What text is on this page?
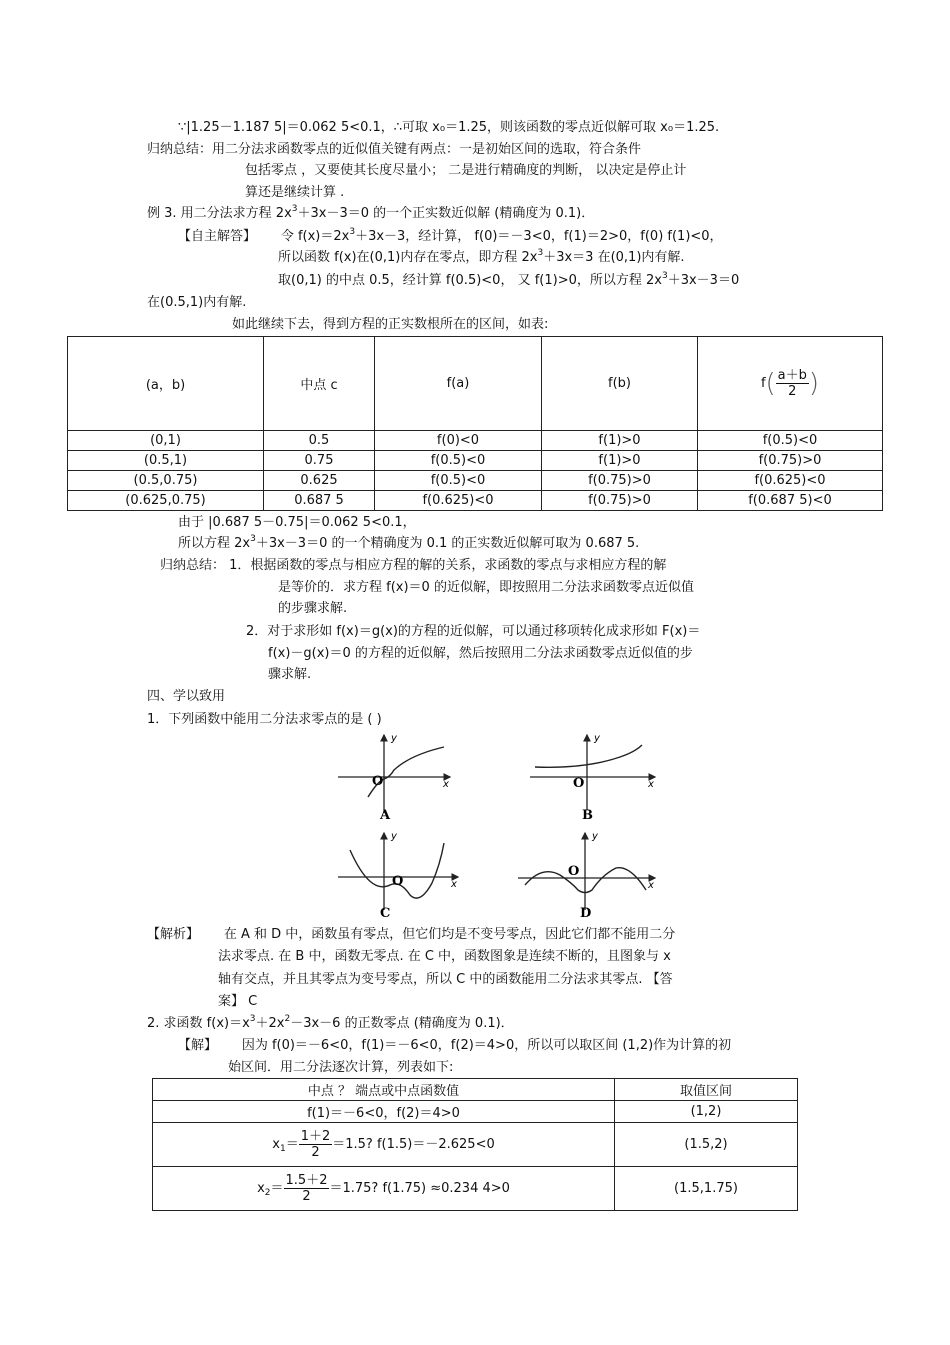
∵|1.25－1.187 5|＝0.062 5<0.1，∴可取 x₀＝1.25，则该函数的零点近似解可取 x₀＝1.25.
归纳总结：用二分法求函数零点的近似值关键有两点：一是初始区间的选取，符合条件
包括零点 ，又要使其长度尽量小； 二是进行精确度的判断， 以决定是停止计
算还是继续计算 .
例 3. 用二分法求方程 $2x^3+3x-3=0$ 的一个正实数近似解 (精确度为 0.1)．
【自主解答】 令 $f(x)=2x^3+3x-3$，经计算， f(0)＝－3<0，f(1)＝2>0，f(0) f(1)<0，
所以函数 f(x)在(0,1)内存在零点，即方程 $2x^3+3x=3$ 在(0,1)内有解.
取(0,1) 的中点 0.5，经计算 f(0.5)<0， 又 f(1)>0，所以方程 $2x^3+3x-3=0$
在(0.5,1)内有解.
如此继续下去，得到方程的正实数根所在的区间，如表:
(a，b)	中点 c	f(a)	f(b)	$f( \frac{a+b}{2}$ )
(0,1)	0.5	f(0)<0	f(1)>0	f(0.5)<0
(0.5,1)	0.75	f(0.5)<0	f(1)>0	f(0.75)>0
(0.5,0.75)	0.625	f(0.5)<0	f(0.75)>0	f(0.625)<0
(0.625,0.75)	0.687 5	f(0.625)<0	f(0.75)>0	f(0.687 5)<0
由于 |0.687 5－0.75|＝0.062 5<0.1，
所以方程 $2x^3+3x-3=0$ 的一个精确度为 0.1 的正实数近似解可取为 0.687 5.
归纳总结： 1．根据函数的零点与相应方程的解的关系，求函数的零点与求相应方程的解
是等价的．求方程 f(x)＝0 的近似解，即按照用二分法求函数零点近似值
的步骤求解.
2．对于求形如 f(x)＝g(x)的方程的近似解，可以通过移项转化成求形如 F(x)＝
f(x)－g(x)＝0 的方程的近似解，然后按照用二分法求函数零点近似值的步
骤求解.
四、学以致用
1．下列函数中能用二分法求零点的是 ( )
O
y
x
A
O
y
x
B
O
y
x
C
O
y
x
D
【解析】 在 A 和 D 中，函数虽有零点，但它们均是不变号零点，因此它们都不能用二分
法求零点. 在 B 中，函数无零点. 在 C 中，函数图象是连续不断的，且图象与 x
轴有交点，并且其零点为变号零点，所以 C 中的函数能用二分法求其零点. 【答
案】 C
2. 求函数 $f(x)=x^3+2x^2-3x-6$ 的正数零点 (精确度为 0.1)．
【解】 因为 f(0)＝－6<0，f(1)＝－6<0，f(2)＝4>0，所以可以取区间 (1,2)作为计算的初
始区间．用二分法逐次计算，列表如下:
中点 ？ 端点或中点函数值	取值区间
f(1)＝－6<0，f(2)＝4>0	(1,2)
$x_1= \frac{1+2}{2} =1.5$? f(1.5)＝－2.625<0	(1.5,2)
$x_2= \frac{1.5+2}{2} =1.75$? f(1.75) ≈0.234 4>0	(1.5,1.75)
